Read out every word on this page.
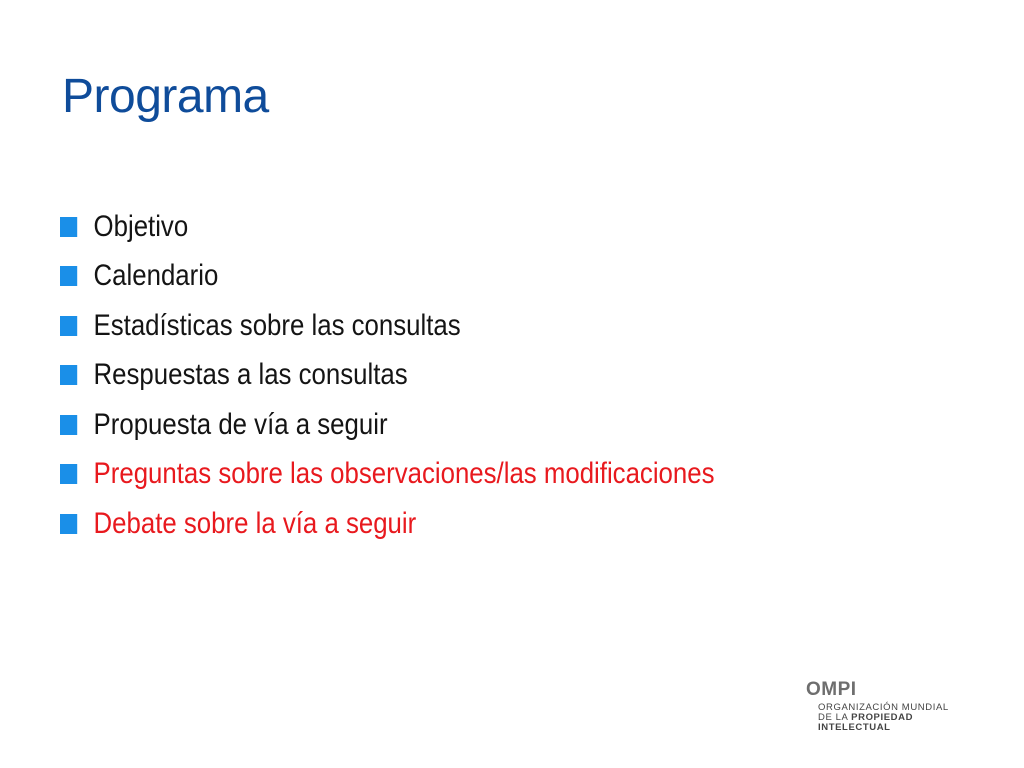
Programa
Objetivo
Calendario
Estadísticas sobre las consultas
Respuestas a las consultas
Propuesta de vía a seguir
Preguntas sobre las observaciones/las modificaciones
Debate sobre la vía a seguir
OMPI
ORGANIZACIÓN MUNDIAL
DE LA PROPIEDAD
INTELECTUAL
